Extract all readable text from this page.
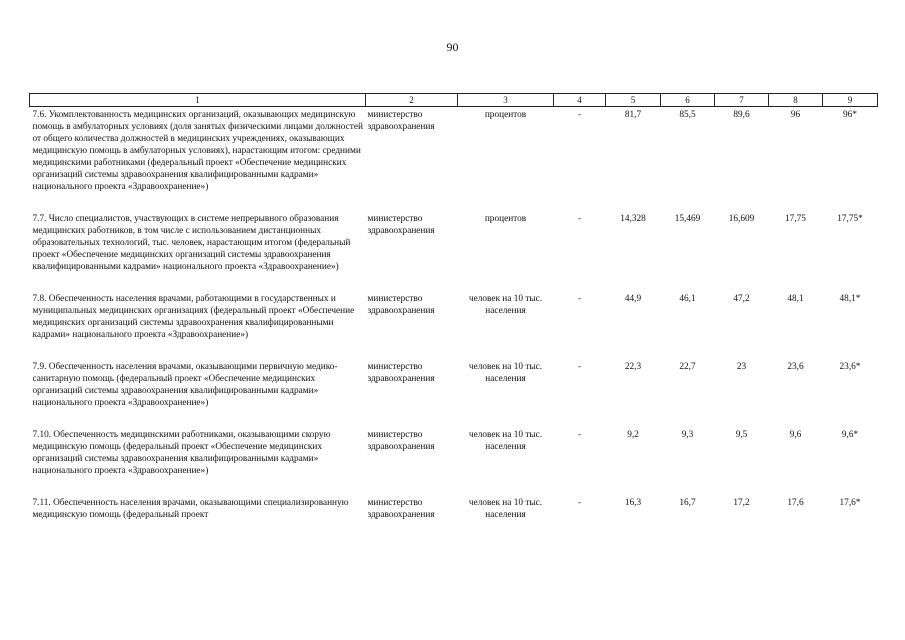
90
1	2	3	4	5	6	7	8	9
7.6. Укомплектованность медицинских организаций, оказывающих медицинскую помощь в амбулаторных условиях (доля занятых физическими лицами должностей от общего количества должностей в медицинских учреждениях, оказывающих медицинскую помощь в амбулаторных условиях), нарастающим итогом: средними медицинскими работниками (федеральный проект «Обеспечение медицинских организаций системы здравоохранения квалифицированными кадрами» национального проекта «Здравоохранение»)	министерство здравоохранения	процентов	-	81,7	85,5	89,6	96	96*

7.7. Число специалистов, участвующих в системе непрерывного образования медицинских работников, в том числе с использованием дистанционных образовательных технологий, тыс. человек, нарастающим итогом (федеральный проект «Обеспечение медицинских организаций системы здравоохранения квалифицированными кадрами» национального проекта «Здравоохранение»)	министерство здравоохранения	процентов	-	14,328	15,469	16,609	17,75	17,75*

7.8. Обеспеченность населения врачами, работающими в государственных и муниципальных медицинских организациях (федеральный проект «Обеспечение медицинских организаций системы здравоохранения квалифицированными кадрами» национального проекта «Здравоохранение»)	министерство здравоохранения	человек на 10 тыс. населения	-	44,9	46,1	47,2	48,1	48,1*

7.9. Обеспеченность населения врачами, оказывающими первичную медико-санитарную помощь (федеральный проект «Обеспечение медицинских организаций системы здравоохранения квалифицированными кадрами» национального проекта «Здравоохранение»)	министерство здравоохранения	человек на 10 тыс. населения	-	22,3	22,7	23	23,6	23,6*

7.10. Обеспеченность медицинскими работниками, оказывающими скорую медицинскую помощь (федеральный проект «Обеспечение медицинских организаций системы здравоохранения квалифицированными кадрами» национального проекта «Здравоохранение»)	министерство здравоохранения	человек на 10 тыс. населения	-	9,2	9,3	9,5	9,6	9,6*

7.11. Обеспеченность населения врачами, оказывающими специализированную медицинскую помощь (федеральный проект	министерство здравоохранения	человек на 10 тыс. населения	-	16,3	16,7	17,2	17,6	17,6*
